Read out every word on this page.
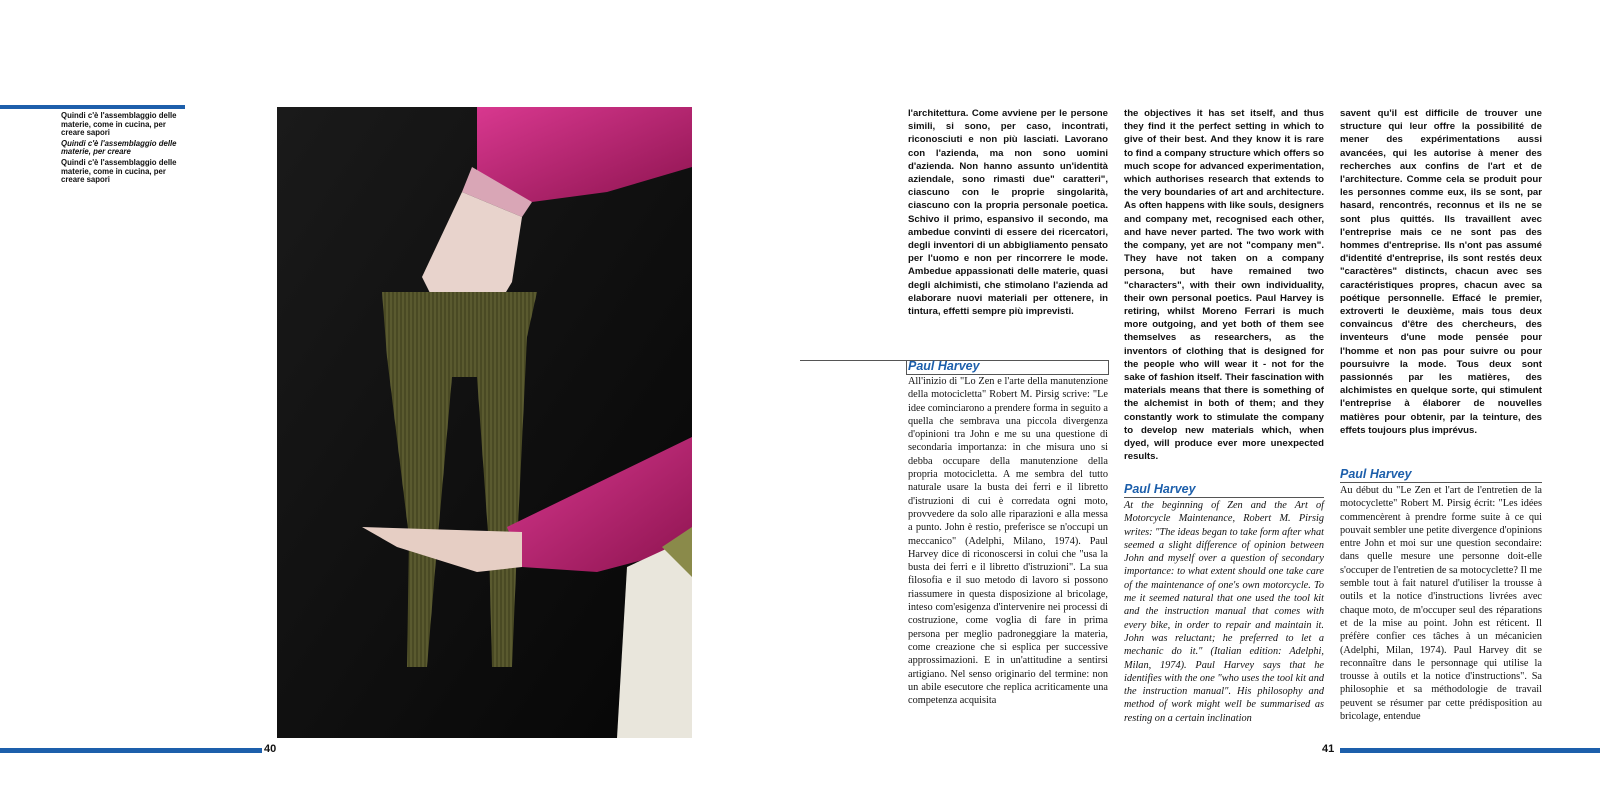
Quindi c'è l'assemblaggio delle materie, come in cucina, per creare sapori

Quindi c'è l'assemblaggio delle materie, per creare

Quindi c'è l'assemblaggio delle materie, come in cucina, per creare sapori

40
l'architettura. Come avviene per le persone simili, si sono, per caso, incontrati, riconosciuti e non più lasciati. Lavorano con l'azienda, ma non sono uomini d'azienda. Non hanno assunto un'identità aziendale, sono rimasti due" caratteri", ciascuno con le proprie singolarità, ciascuno con la propria personale poetica. Schivo il primo, espansivo il secondo, ma ambedue convinti di essere dei ricercatori, degli inventori di un abbigliamento pensato per l'uomo e non per rincorrere le mode. Ambedue appassionati delle materie, quasi degli alchimisti, che stimolano l'azienda ad elaborare nuovi materiali per ottenere, in tintura, effetti sempre più imprevisti.
Paul Harvey
All'inizio di "Lo Zen e l'arte della manutenzione della motocicletta" Robert M. Pirsig scrive: "Le idee cominciarono a prendere forma in seguito a quella che sembrava una piccola divergenza d'opinioni tra John e me su una questione di secondaria importanza: in che misura uno si debba occupare della manutenzione della propria motocicletta. A me sembra del tutto naturale usare la busta dei ferri e il libretto d'istruzioni di cui è corredata ogni moto, provvedere da solo alle riparazioni e alla messa a punto. John è restio, preferisce se n'occupi un meccanico" (Adelphi, Milano, 1974). Paul Harvey dice di riconoscersi in colui che "usa la busta dei ferri e il libretto d'istruzioni". La sua filosofia e il suo metodo di lavoro si possono riassumere in questa disposizione al bricolage, inteso com'esigenza d'intervenire nei processi di costruzione, come voglia di fare in prima persona per meglio padroneggiare la materia, come creazione che si esplica per successive approssimazioni. E in un'attitudine a sentirsi artigiano. Nel senso originario del termine: non un abile esecutore che replica acriticamente una competenza acquisita
the objectives it has set itself, and thus they find it the perfect setting in which to give of their best. And they know it is rare to find a company structure which offers so much scope for advanced experimentation, which authorises research that extends to the very boundaries of art and architecture. As often happens with like souls, designers and company met, recognised each other, and have never parted. The two work with the company, yet are not "company men". They have not taken on a company persona, but have remained two "characters", with their own individuality, their own personal poetics. Paul Harvey is retiring, whilst Moreno Ferrari is much more outgoing, and yet both of them see themselves as researchers, as the inventors of clothing that is designed for the people who will wear it - not for the sake of fashion itself. Their fascination with materials means that there is something of the alchemist in both of them; and they constantly work to stimulate the company to develop new materials which, when dyed, will produce ever more unexpected results.
Paul Harvey
At the beginning of Zen and the Art of Motorcycle Maintenance, Robert M. Pirsig writes: "The ideas began to take form after what seemed a slight difference of opinion between John and myself over a question of secondary importance: to what extent should one take care of the maintenance of one's own motorcycle. To me it seemed natural that one used the tool kit and the instruction manual that comes with every bike, in order to repair and maintain it. John was reluctant; he preferred to let a mechanic do it." (Italian edition: Adelphi, Milan, 1974). Paul Harvey says that he identifies with the one "who uses the tool kit and the instruction manual". His philosophy and method of work might well be summarised as resting on a certain inclination
savent qu'il est difficile de trouver une structure qui leur offre la possibilité de mener des expérimentations aussi avancées, qui les autorise à mener des recherches aux confins de l'art et de l'architecture. Comme cela se produit pour les personnes comme eux, ils se sont, par hasard, rencontrés, reconnus et ils ne se sont plus quittés. Ils travaillent avec l'entreprise mais ce ne sont pas des hommes d'entreprise. Ils n'ont pas assumé d'identité d'entreprise, ils sont restés deux "caractères" distincts, chacun avec ses caractéristiques propres, chacun avec sa poétique personnelle. Effacé le premier, extroverti le deuxième, mais tous deux convaincus d'être des chercheurs, des inventeurs d'une mode pensée pour l'homme et non pas pour suivre ou pour poursuivre la mode. Tous deux sont passionnés par les matières, des alchimistes en quelque sorte, qui stimulent l'entreprise à élaborer de nouvelles matières pour obtenir, par la teinture, des effets toujours plus imprévus.
Paul Harvey
Au début du "Le Zen et l'art de l'entretien de la motocyclette" Robert M. Pirsig écrit: "Les idées commencèrent à prendre forme suite à ce qui pouvait sembler une petite divergence d'opinions entre John et moi sur une question secondaire: dans quelle mesure une personne doit-elle s'occuper de l'entretien de sa motocyclette? Il me semble tout à fait naturel d'utiliser la trousse à outils et la notice d'instructions livrées avec chaque moto, de m'occuper seul des réparations et de la mise au point. John est réticent. Il préfère confier ces tâches à un mécanicien (Adelphi, Milan, 1974). Paul Harvey dit se reconnaître dans le personnage qui utilise la trousse à outils et la notice d'instructions". Sa philosophie et sa méthodologie de travail peuvent se résumer par cette prédisposition au bricolage, entendue
41
